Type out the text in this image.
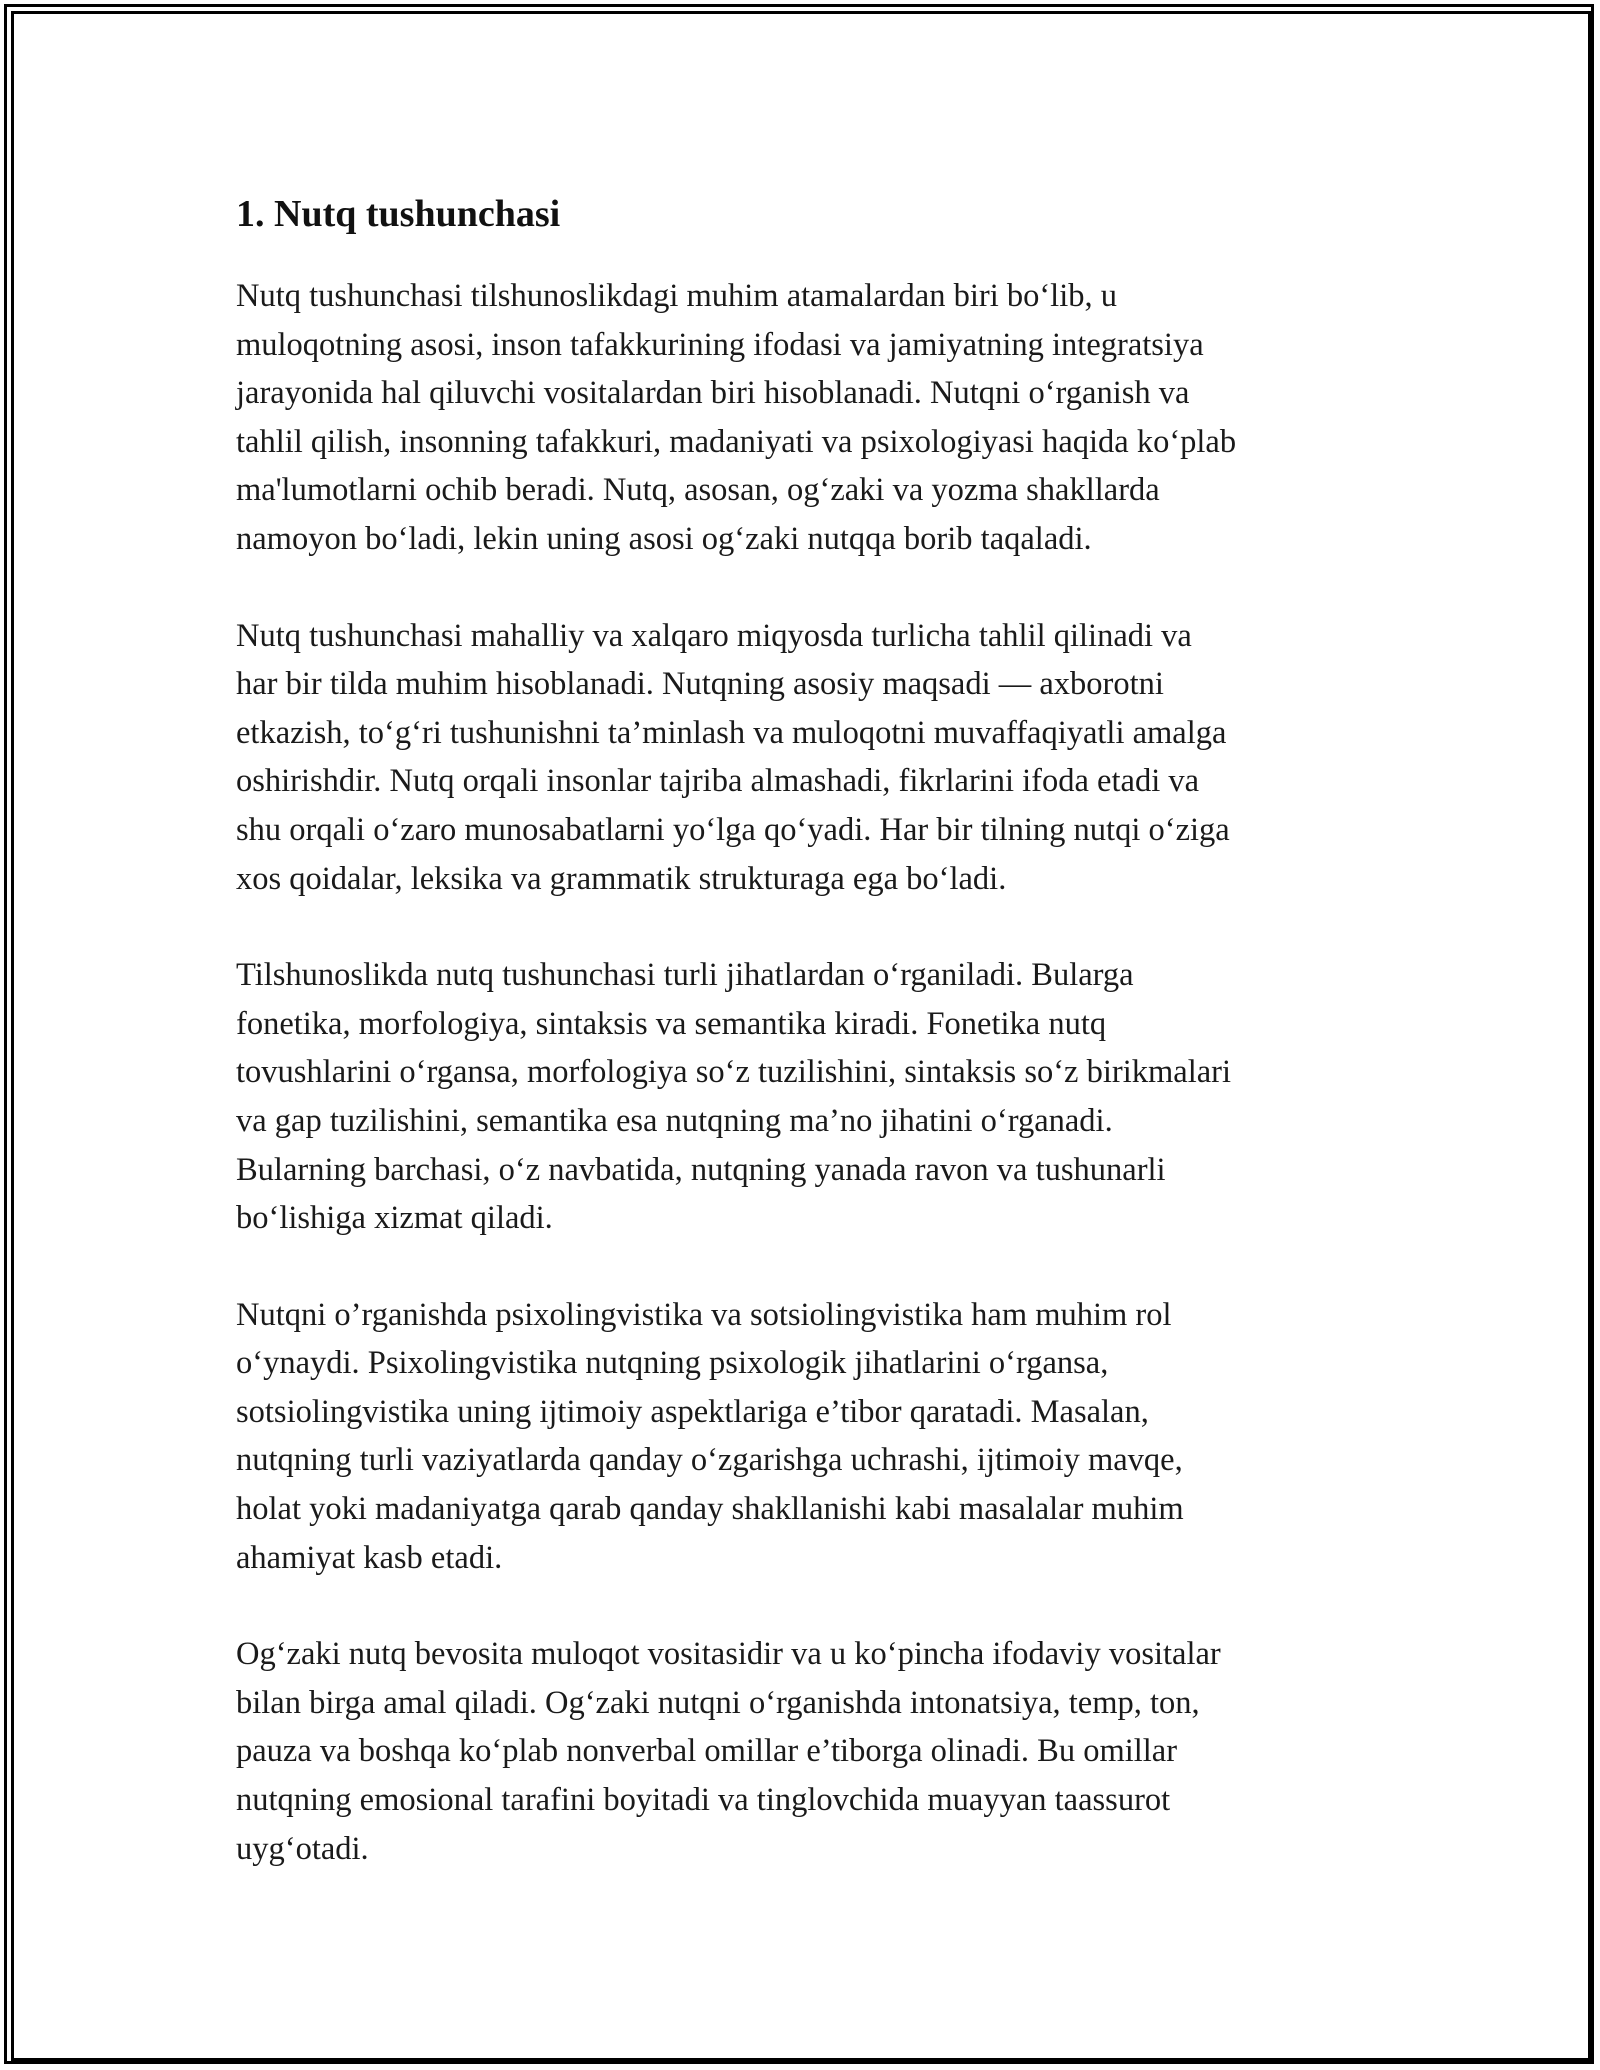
1. Nutq tushunchasi

Nutq tushunchasi tilshunoslikdagi muhim atamalardan biri boʻlib, u
muloqotning asosi, inson tafakkurining ifodasi va jamiyatning integratsiya
jarayonida hal qiluvchi vositalardan biri hisoblanadi. Nutqni oʻrganish va
tahlil qilish, insonning tafakkuri, madaniyati va psixologiyasi haqida koʻplab
ma'lumotlarni ochib beradi. Nutq, asosan, ogʻzaki va yozma shakllarda
namoyon boʻladi, lekin uning asosi ogʻzaki nutqqa borib taqaladi.

Nutq tushunchasi mahalliy va xalqaro miqyosda turlicha tahlil qilinadi va
har bir tilda muhim hisoblanadi. Nutqning asosiy maqsadi — axborotni
etkazish, toʻgʻri tushunishni ta’minlash va muloqotni muvaffaqiyatli amalga
oshirishdir. Nutq orqali insonlar tajriba almashadi, fikrlarini ifoda etadi va
shu orqali oʻzaro munosabatlarni yoʻlga qoʻyadi. Har bir tilning nutqi oʻziga
xos qoidalar, leksika va grammatik strukturaga ega boʻladi.

Tilshunoslikda nutq tushunchasi turli jihatlardan oʻrganiladi. Bularga
fonetika, morfologiya, sintaksis va semantika kiradi. Fonetika nutq
tovushlarini oʻrgansa, morfologiya soʻz tuzilishini, sintaksis soʻz birikmalari
va gap tuzilishini, semantika esa nutqning ma’no jihatini oʻrganadi.
Bularning barchasi, oʻz navbatida, nutqning yanada ravon va tushunarli
boʻlishiga xizmat qiladi.

Nutqni o’rganishda psixolingvistika va sotsiolingvistika ham muhim rol
oʻynaydi. Psixolingvistika nutqning psixologik jihatlarini oʻrgansa,
sotsiolingvistika uning ijtimoiy aspektlariga e’tibor qaratadi. Masalan,
nutqning turli vaziyatlarda qanday oʻzgarishga uchrashi, ijtimoiy mavqe,
holat yoki madaniyatga qarab qanday shakllanishi kabi masalalar muhim
ahamiyat kasb etadi.

Ogʻzaki nutq bevosita muloqot vositasidir va u koʻpincha ifodaviy vositalar
bilan birga amal qiladi. Ogʻzaki nutqni oʻrganishda intonatsiya, temp, ton,
pauza va boshqa koʻplab nonverbal omillar e’tiborga olinadi. Bu omillar
nutqning emosional tarafini boyitadi va tinglovchida muayyan taassurot
uygʻotadi.
